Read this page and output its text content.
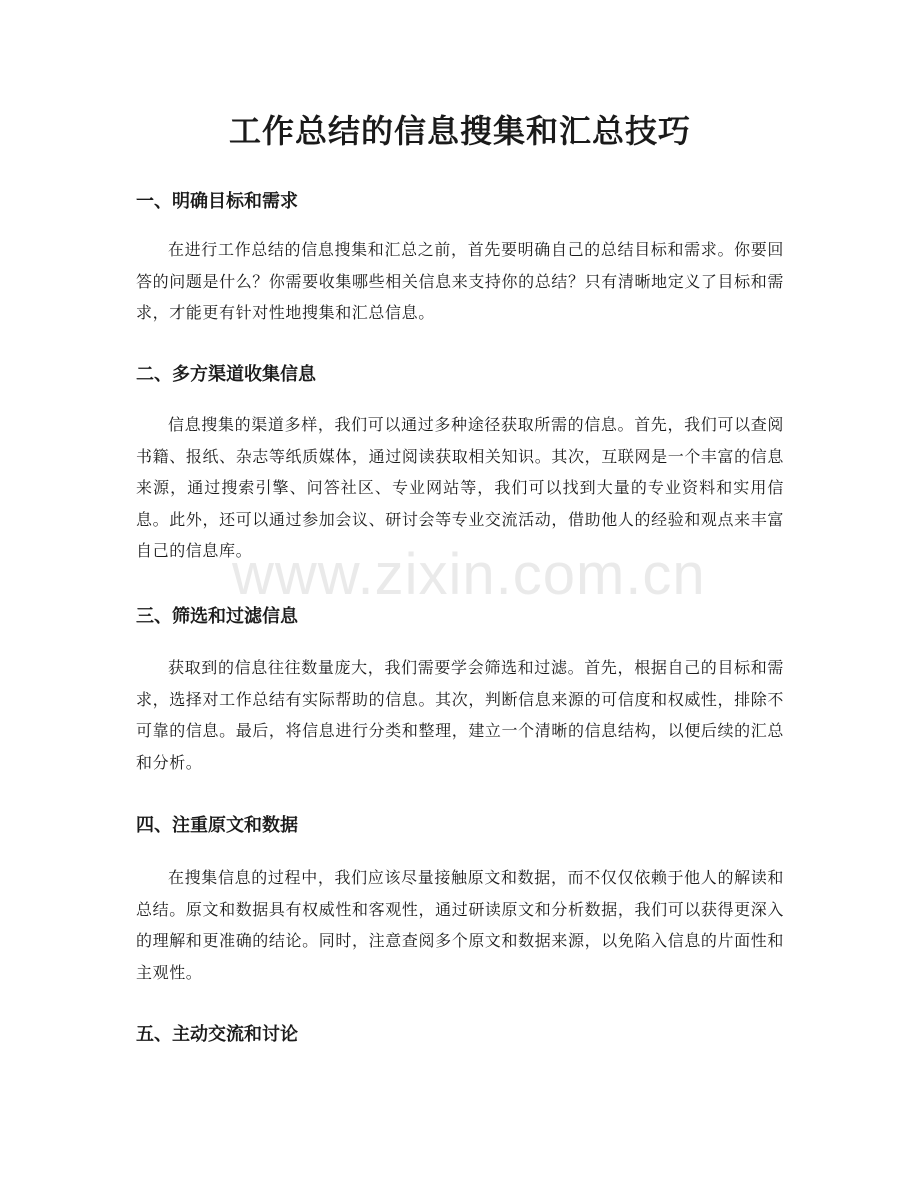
工作总结的信息搜集和汇总技巧
一、明确目标和需求

在进行工作总结的信息搜集和汇总之前，首先要明确自己的总结目标和需求。你要回答的问题是什么？你需要收集哪些相关信息来支持你的总结？只有清晰地定义了目标和需求，才能更有针对性地搜集和汇总信息。

二、多方渠道收集信息

信息搜集的渠道多样，我们可以通过多种途径获取所需的信息。首先，我们可以查阅书籍、报纸、杂志等纸质媒体，通过阅读获取相关知识。其次，互联网是一个丰富的信息来源，通过搜索引擎、问答社区、专业网站等，我们可以找到大量的专业资料和实用信息。此外，还可以通过参加会议、研讨会等专业交流活动，借助他人的经验和观点来丰富自己的信息库。

三、筛选和过滤信息

获取到的信息往往数量庞大，我们需要学会筛选和过滤。首先，根据自己的目标和需求，选择对工作总结有实际帮助的信息。其次，判断信息来源的可信度和权威性，排除不可靠的信息。最后，将信息进行分类和整理，建立一个清晰的信息结构，以便后续的汇总和分析。

四、注重原文和数据

在搜集信息的过程中，我们应该尽量接触原文和数据，而不仅仅依赖于他人的解读和总结。原文和数据具有权威性和客观性，通过研读原文和分析数据，我们可以获得更深入的理解和更准确的结论。同时，注意查阅多个原文和数据来源，以免陷入信息的片面性和主观性。

五、主动交流和讨论
www.zixin.com.cn
